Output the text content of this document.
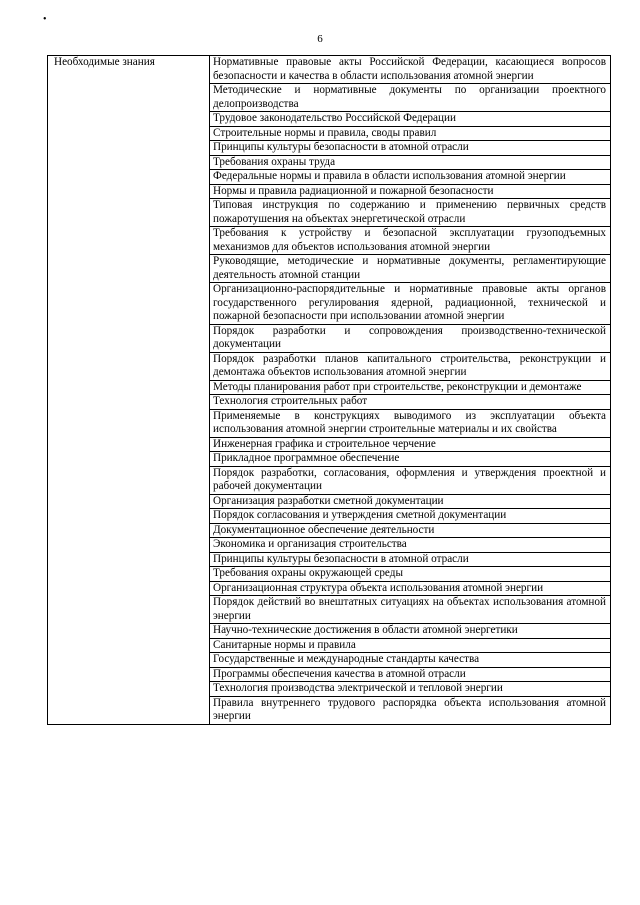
•
6
Необходимые знания	Нормативные правовые акты Российской Федерации, касающиеся вопросов безопасности и качества в области использования атомной энергии
Методические и нормативные документы по организации проектного делопроизводства
Трудовое законодательство Российской Федерации
Строительные нормы и правила, своды правил
Принципы культуры безопасности в атомной отрасли
Требования охраны труда
Федеральные нормы и правила в области использования атомной энергии
Нормы и правила радиационной и пожарной безопасности
Типовая инструкция по содержанию и применению первичных средств пожаротушения на объектах энергетической отрасли
Требования к устройству и безопасной эксплуатации грузоподъемных механизмов для объектов использования атомной энергии
Руководящие, методические и нормативные документы, регламентирующие деятельность атомной станции
Организационно-распорядительные и нормативные правовые акты органов государственного регулирования ядерной, радиационной, технической и пожарной безопасности при использовании атомной энергии
Порядок разработки и сопровождения производственно-технической документации
Порядок разработки планов капитального строительства, реконструкции и демонтажа объектов использования атомной энергии
Методы планирования работ при строительстве, реконструкции и демонтаже
Технология строительных работ
Применяемые в конструкциях выводимого из эксплуатации объекта использования атомной энергии строительные материалы и их свойства
Инженерная графика и строительное черчение
Прикладное программное обеспечение
Порядок разработки, согласования, оформления и утверждения проектной и рабочей документации
Организация разработки сметной документации
Порядок согласования и утверждения сметной документации
Документационное обеспечение деятельности
Экономика и организация строительства
Принципы культуры безопасности в атомной отрасли
Требования охраны окружающей среды
Организационная структура объекта использования атомной энергии
Порядок действий во внештатных ситуациях на объектах использования атомной энергии
Научно-технические достижения в области атомной энергетики
Санитарные нормы и правила
Государственные и международные стандарты качества
Программы обеспечения качества в атомной отрасли
Технология производства электрической и тепловой энергии
Правила внутреннего трудового распорядка объекта использования атомной энергии
